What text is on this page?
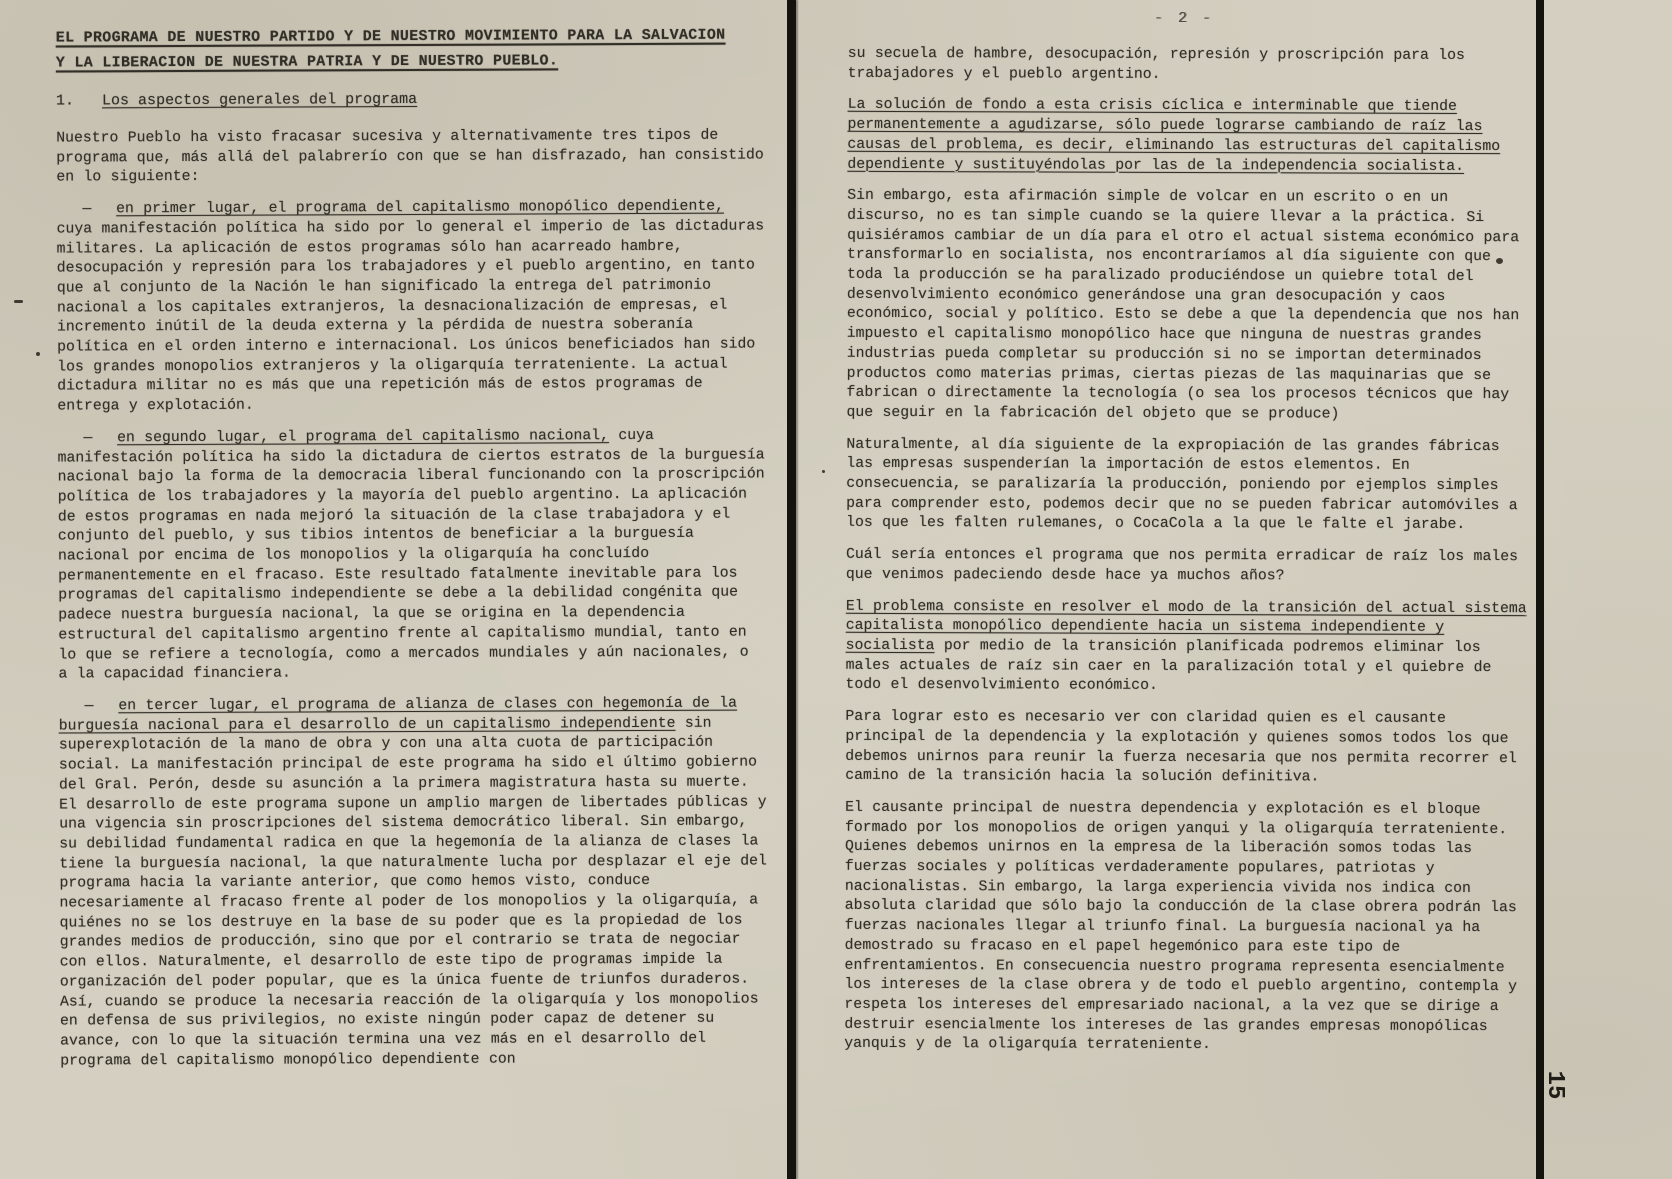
EL PROGRAMA DE NUESTRO PARTIDO Y DE NUESTRO MOVIMIENTO PARA LA SALVACION
Y LA LIBERACION DE NUESTRA PATRIA Y DE NUESTRO PUEBLO.
1. Los aspectos generales del programa
Nuestro Pueblo ha visto fracasar sucesiva y alternativamente tres tipos de programa que, más allá del palabrerío con que se han disfrazado, han consistido en lo siguiente:
—  en primer lugar, el programa del capitalismo monopólico dependiente, cuya manifestación política ha sido por lo general el imperio de las dictaduras militares. La aplicación de estos programas sólo han acarreado hambre, desocupación y represión para los trabajadores y el pueblo argentino, en tanto que al conjunto de la Nación le han significado la entrega del patrimonio nacional a los capitales extranjeros, la desnacionalización de empresas, el incremento inútil de la deuda externa y la pérdida de nuestra soberanía política en el orden interno e internacional. Los únicos beneficiados han sido los grandes monopolios extranjeros y la oligarquía terrateniente. La actual dictadura militar no es más que una repetición más de estos programas de entrega y explotación.
—  en segundo lugar, el programa del capitalismo nacional, cuya manifestación política ha sido la dictadura de ciertos estratos de la burguesía nacional bajo la forma de la democracia liberal funcionando con la proscripción política de los trabajadores y la mayoría del pueblo argentino. La aplicación de estos programas en nada mejoró la situación de la clase trabajadora y el conjunto del pueblo, y sus tibios intentos de beneficiar a la burguesía nacional por encima de los monopolios y la oligarquía ha concluído permanentemente en el fracaso. Este resultado fatalmente inevitable para los programas del capitalismo independiente se debe a la debilidad congénita que padece nuestra burguesía nacional, la que se origina en la dependencia estructural del capitalismo argentino frente al capitalismo mundial, tanto en lo que se refiere a tecnología, como a mercados mundiales y aún nacionales, o a la capacidad financiera.
—  en tercer lugar, el programa de alianza de clases con hegemonía de la burguesía nacional para el desarrollo de un capitalismo independiente sin superexplotación de la mano de obra y con una alta cuota de participación social. La manifestación principal de este programa ha sido el último gobierno del Gral. Perón, desde su asunción a la primera magistratura hasta su muerte. El desarrollo de este programa supone un amplio margen de libertades públicas y una vigencia sin proscripciones del sistema democrático liberal. Sin embargo, su debilidad fundamental radica en que la hegemonía de la alianza de clases la tiene la burguesía nacional, la que naturalmente lucha por desplazar el eje del programa hacia la variante anterior, que como hemos visto, conduce necesariamente al fracaso frente al poder de los monopolios y la oligarquía, a quiénes no se los destruye en la base de su poder que es la propiedad de los grandes medios de producción, sino que por el contrario se trata de negociar con ellos. Naturalmente, el desarrollo de este tipo de programas impide la organización del poder popular, que es la única fuente de triunfos duraderos. Así, cuando se produce la necesaria reacción de la oligarquía y los monopolios en defensa de sus privilegios, no existe ningún poder capaz de detener su avance, con lo que la situación termina una vez más en el desarrollo del programa del capitalismo monopólico dependiente con
- 2 -
su secuela de hambre, desocupación, represión y proscripción para los trabajadores y el pueblo argentino.
La solución de fondo a esta crisis cíclica e interminable que tiende permanentemente a agudizarse, sólo puede lograrse cambiando de raíz las causas del problema, es decir, eliminando las estructuras del capitalismo dependiente y sustituyéndolas por las de la independencia socialista.
Sin embargo, esta afirmación simple de volcar en un escrito o en un discurso, no es tan simple cuando se la quiere llevar a la práctica. Si quisiéramos cambiar de un día para el otro el actual sistema económico para transformarlo en socialista, nos encontraríamos al día siguiente con que toda la producción se ha paralizado produciéndose un quiebre total del desenvolvimiento económico generándose una gran desocupación y caos económico, social y político. Esto se debe a que la dependencia que nos han impuesto el capitalismo monopólico hace que ninguna de nuestras grandes industrias pueda completar su producción si no se importan determinados productos como materias primas, ciertas piezas de las maquinarias que se fabrican o directamente la tecnología (o sea los procesos técnicos que hay que seguir en la fabricación del objeto que se produce)
Naturalmente, al día siguiente de la expropiación de las grandes fábricas las empresas suspenderían la importación de estos elementos. En consecuencia, se paralizaría la producción, poniendo por ejemplos simples para comprender esto, podemos decir que no se pueden fabricar automóviles a los que les falten rulemanes, o CocaCola a la que le falte el jarabe.
Cuál sería entonces el programa que nos permita erradicar de raíz los males que venimos padeciendo desde hace ya muchos años?
El problema consiste en resolver el modo de la transición del actual sistema capitalista monopólico dependiente hacia un sistema independiente y socialista por medio de la transición planificada podremos eliminar los males actuales de raíz sin caer en la paralización total y el quiebre de todo el desenvolvimiento económico.
Para lograr esto es necesario ver con claridad quien es el causante principal de la dependencia y la explotación y quienes somos todos los que debemos unirnos para reunir la fuerza necesaria que nos permita recorrer el camino de la transición hacia la solución definitiva.
El causante principal de nuestra dependencia y explotación es el bloque formado por los monopolios de origen yanqui y la oligarquía terrateniente. Quienes debemos unirnos en la empresa de la liberación somos todas las fuerzas sociales y políticas verdaderamente populares, patriotas y nacionalistas. Sin embargo, la larga experiencia vivida nos indica con absoluta claridad que sólo bajo la conducción de la clase obrera podrán las fuerzas nacionales llegar al triunfo final. La burguesía nacional ya ha demostrado su fracaso en el papel hegemónico para este tipo de enfrentamientos. En consecuencia nuestro programa representa esencialmente los intereses de la clase obrera y de todo el pueblo argentino, contempla y respeta los intereses del empresariado nacional, a la vez que se dirige a destruir esencialmente los intereses de las grandes empresas monopólicas yanquis y de la oligarquía terrateniente.
15
